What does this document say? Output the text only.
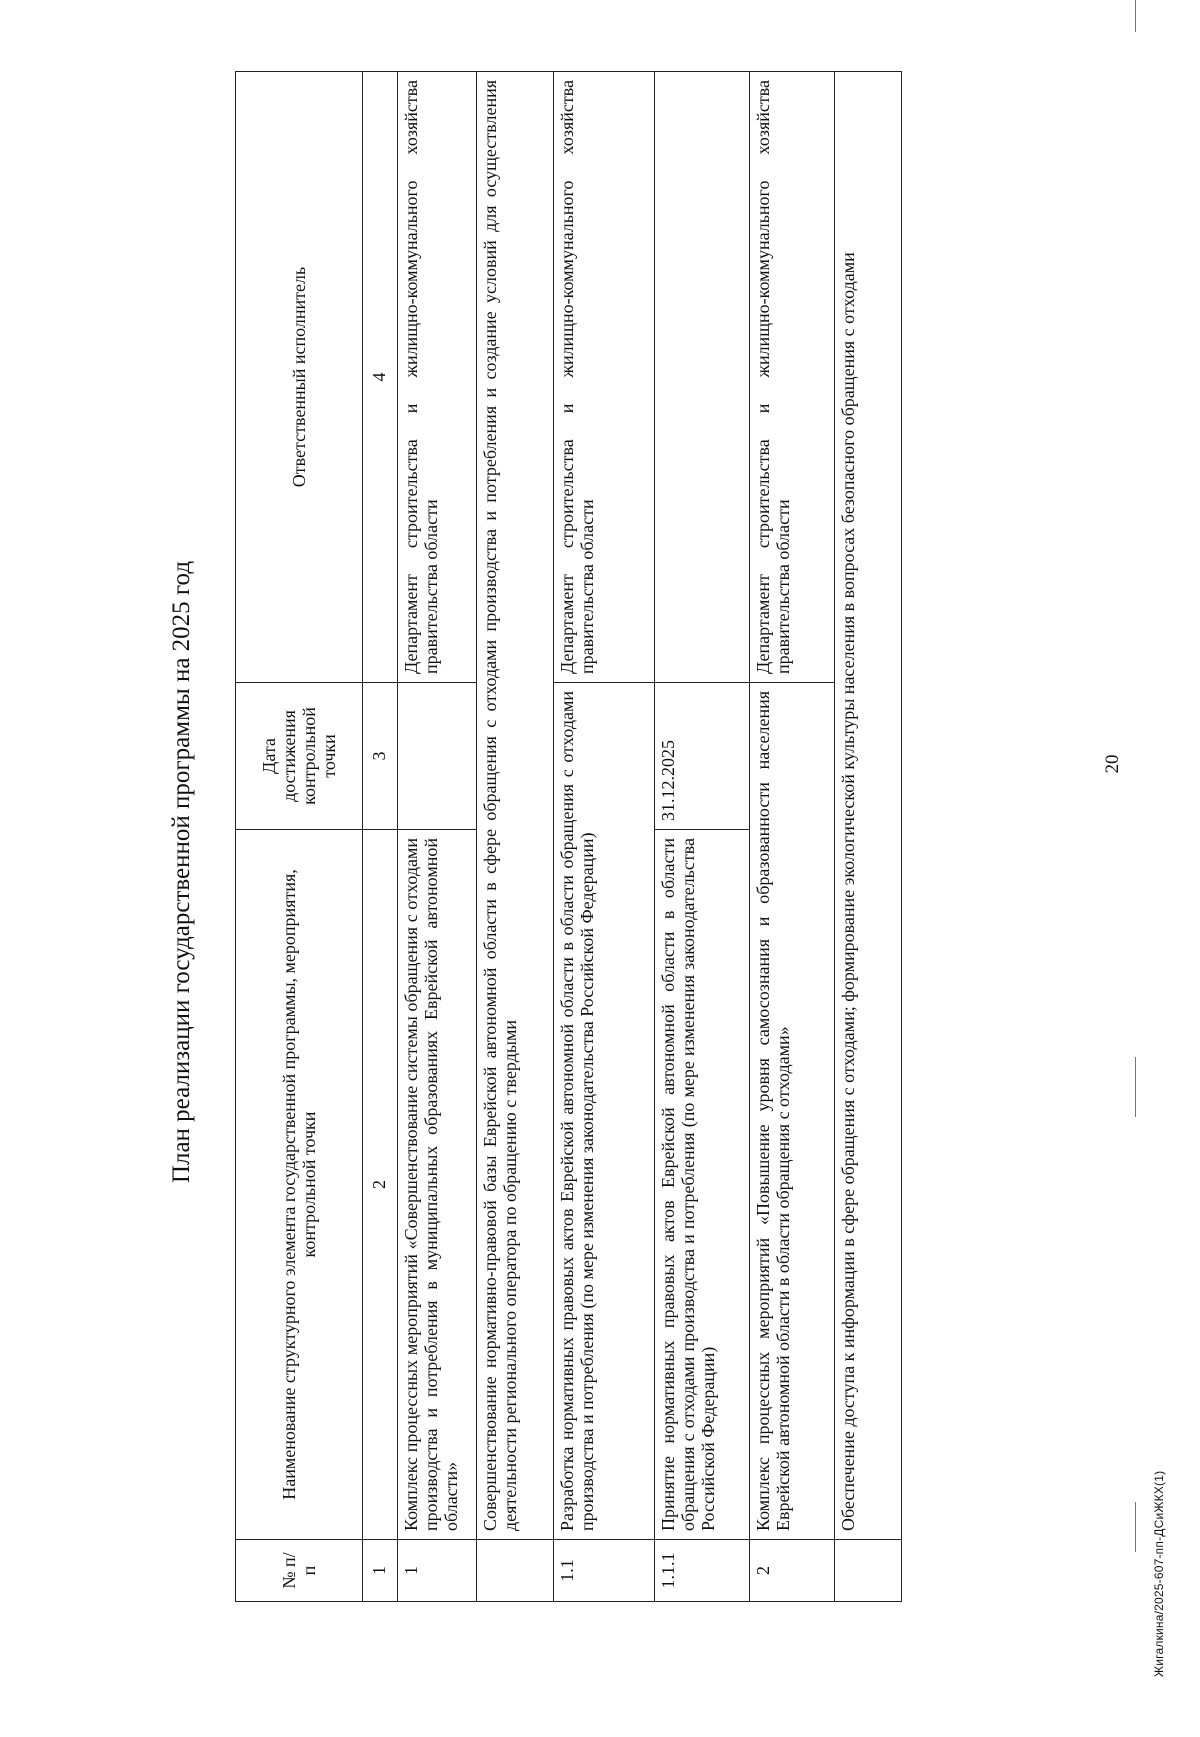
20
План реализации государственной программы на 2025 год
№ п/п	Наименование структурного элемента государственной программы, мероприятия, контрольной точки	Дата достижения контрольной точки	Ответственный исполнитель
1	2	3	4
1	Комплекс процессных мероприятий «Совершенствование системы обращения с отходами производства и потребления в муниципальных образованиях Еврейской автономной области»		Департамент строительства и жилищно-коммунального хозяйства правительства области
	Совершенствование нормативно-правовой базы Еврейской автономной области в сфере обращения с отходами производства и потребления и создание условий для осуществления деятельности регионального оператора по обращению с твердыми		
1.1	Разработка нормативных правовых актов Еврейской автономной области в области обращения с отходами производства и потребления (по мере изменения законодательства Российской Федерации)		Департамент строительства и жилищно-коммунального хозяйства правительства области
1.1.1	Принятие нормативных правовых актов Еврейской автономной области в области обращения с отходами производства и потребления (по мере изменения законодательства Российской Федерации)	31.12.2025	
2	Комплекс процессных мероприятий «Повышение уровня самосознания и образованности населения Еврейской автономной области в области обращения с отходами»		Департамент строительства и жилищно-коммунального хозяйства правительства области
	Обеспечение доступа к информации в сфере обращения с отходами; формирование экологической культуры населения в вопросах безопасного обращения с отходами		
Жигалкина/2025-607-пп-ДСиЖКХ(1)
